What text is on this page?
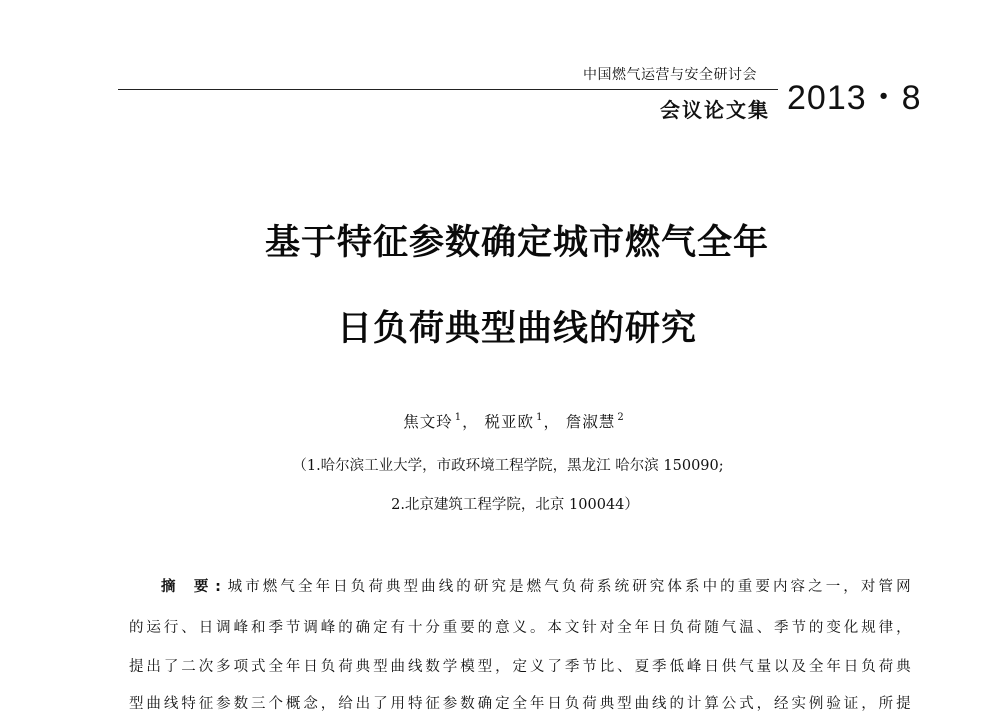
中国燃气运营与安全研讨会
会议论文集 2013・8
基于特征参数确定城市燃气全年
日负荷典型曲线的研究
焦文玲 $^1$， 税亚欧 $^1$， 詹淑慧 $^2$
（1.哈尔滨工业大学，市政环境工程学院，黑龙江 哈尔滨 150090;
2.北京建筑工程学院，北京 100044）
摘 要:城市燃气全年日负荷典型曲线的研究是燃气负荷系统研究体系中的重要内容之一，对管网
的运行、日调峰和季节调峰的确定有十分重要的意义。本文针对全年日负荷随气温、季节的变化规律，
提出了二次多项式全年日负荷典型曲线数学模型，定义了季节比、夏季低峰日供气量以及全年日负荷典
型曲线特征参数三个概念，给出了用特征参数确定全年日负荷典型曲线的计算公式，经实例验证，所提
